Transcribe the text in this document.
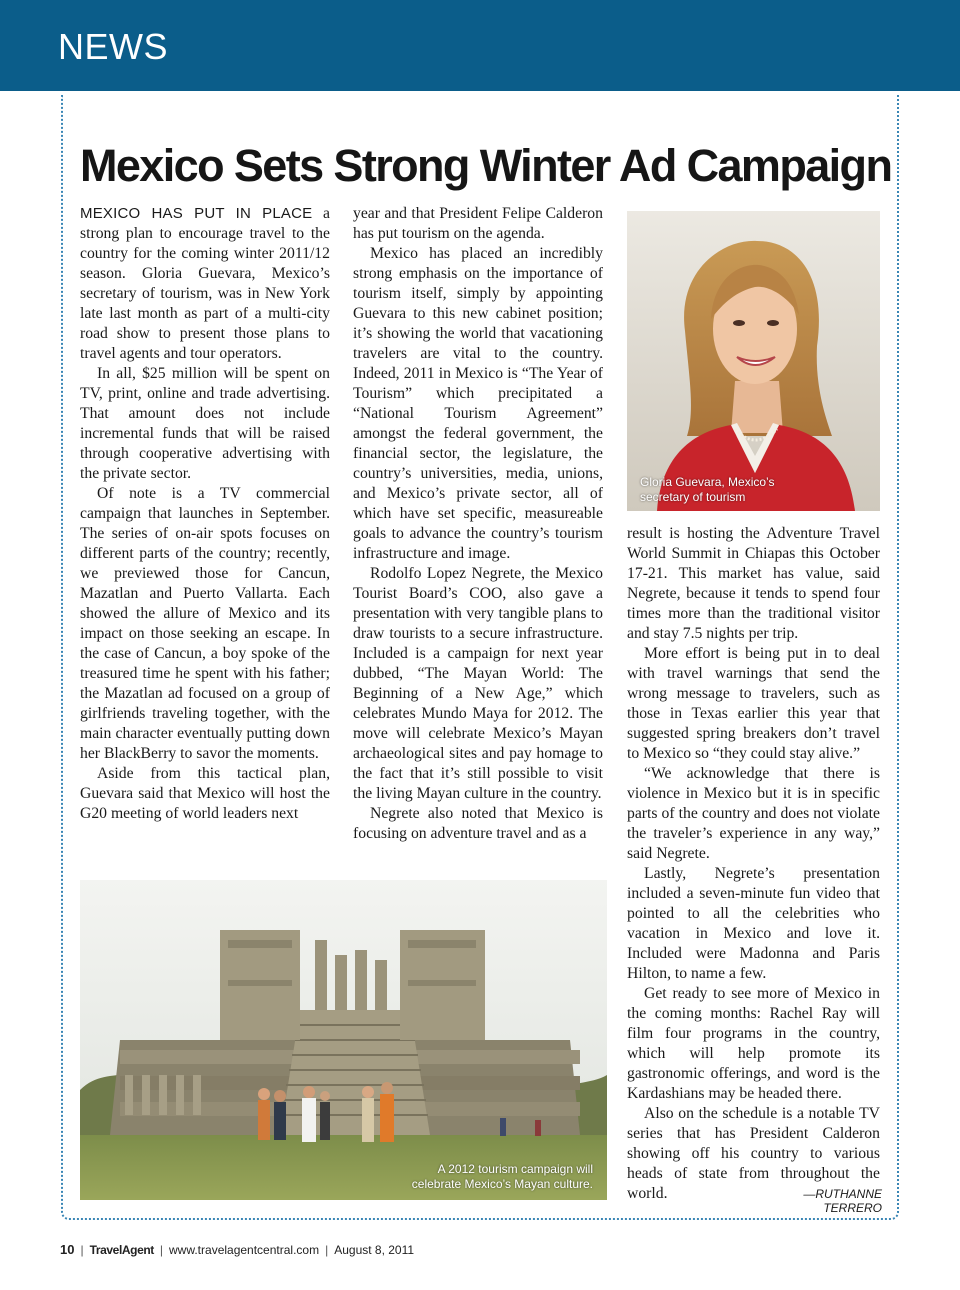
NEWS
Mexico Sets Strong Winter Ad Campaign

MEXICO HAS PUT IN PLACE a strong plan to encourage travel to the country for the coming winter 2011/12 season. Gloria Guevara, Mexico’s secretary of tourism, was in New York late last month as part of a multi-city road show to present those plans to travel agents and tour operators.

In all, $25 million will be spent on TV, print, online and trade advertising. That amount does not include incremental funds that will be raised through cooperative advertising with the private sector.

Of note is a TV commercial campaign that launches in September. The series of on-air spots focuses on different parts of the country; recently, we previewed those for Cancun, Mazatlan and Puerto Vallarta. Each showed the allure of Mexico and its impact on those seeking an escape. In the case of Cancun, a boy spoke of the treasured time he spent with his father; the Mazatlan ad focused on a group of girlfriends traveling together, with the main character eventually putting down her BlackBerry to savor the moments.

Aside from this tactical plan, Guevara said that Mexico will host the G20 meeting of world leaders next

year and that President Felipe Calderon has put tourism on the agenda.

Mexico has placed an incredibly strong emphasis on the importance of tourism itself, simply by appointing Guevara to this new cabinet position; it’s showing the world that vacationing travelers are vital to the country. Indeed, 2011 in Mexico is “The Year of Tourism” which precipitated a “National Tourism Agreement” amongst the federal government, the financial sector, the legislature, the country’s universities, media, unions, and Mexico’s private sector, all of which have set specific, measureable goals to advance the country’s tourism infrastructure and image.

Rodolfo Lopez Negrete, the Mexico Tourist Board’s COO, also gave a presentation with very tangible plans to draw tourists to a secure infrastructure. Included is a campaign for next year dubbed, “The Mayan World: The Beginning of a New Age,” which celebrates Mundo Maya for 2012. The move will celebrate Mexico’s Mayan archaeological sites and pay homage to the fact that it’s still possible to visit the living Mayan culture in the country.

Negrete also noted that Mexico is focusing on adventure travel and as a

Gloria Guevara, Mexico’s
secretary of tourism

result is hosting the Adventure Travel World Summit in Chiapas this October 17-21. This market has value, said Negrete, because it tends to spend four times more than the traditional visitor and stay 7.5 nights per trip.

More effort is being put in to deal with travel warnings that send the wrong message to travelers, such as those in Texas earlier this year that suggested spring breakers don’t travel to Mexico so “they could stay alive.”

“We acknowledge that there is violence in Mexico but it is in specific parts of the country and does not violate the traveler’s experience in any way,” said Negrete.

Lastly, Negrete’s presentation included a seven-minute fun video that pointed to all the celebrities who vacation in Mexico and love it. Included were Madonna and Paris Hilton, to name a few.

Get ready to see more of Mexico in the coming months: Rachel Ray will film four programs in the country, which will help promote its gastronomic offerings, and word is the Kardashians may be headed there.

Also on the schedule is a notable TV series that has President Calderon showing off his country to various heads of state from throughout the world.	—RUTHANNE TERRERO
A 2012 tourism campaign will
celebrate Mexico’s Mayan culture.
10 | TravelAgent | www.travelagentcentral.com | August 8, 2011
